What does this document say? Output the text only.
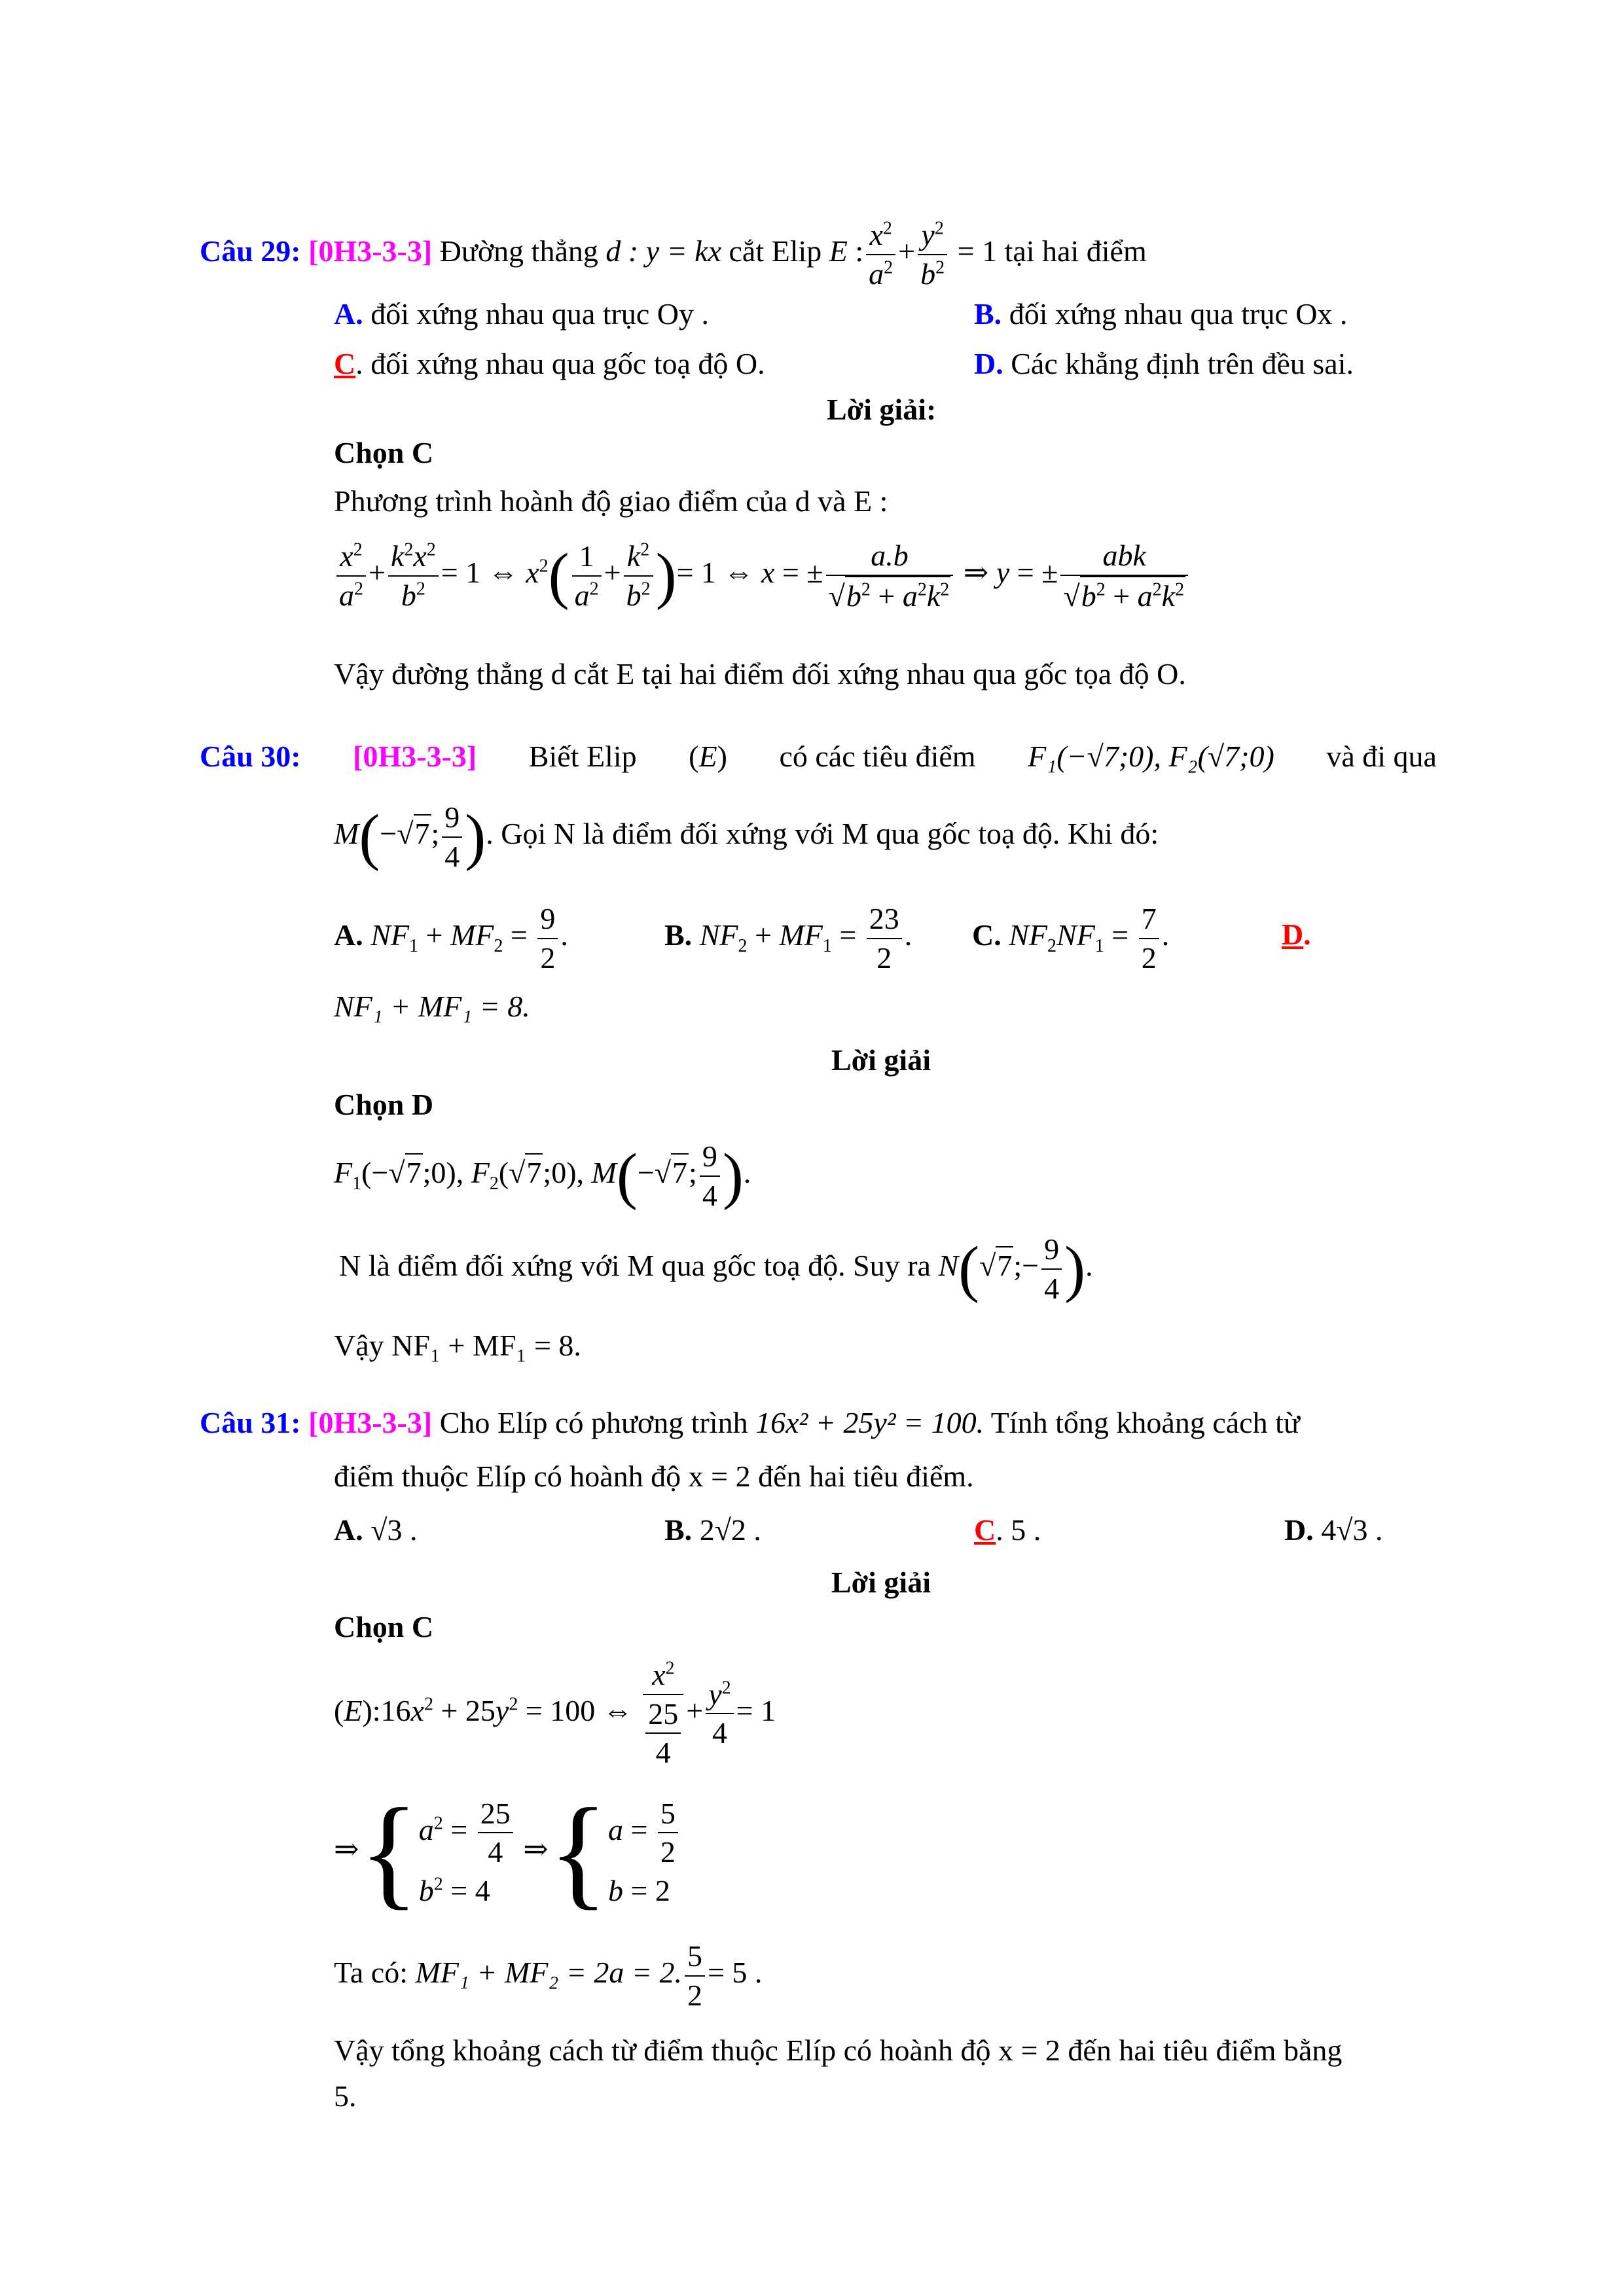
Câu 29: [0H3-3-3] Đường thẳng d : y = kx cắt Elip E : $\frac{x^2}{a^2} + \frac{y^2}{b^2} = 1$ tại hai điểm
A. đối xứng nhau qua trục Oy .	B. đối xứng nhau qua trục Ox .
C. đối xứng nhau qua gốc toạ độ O.	D. Các khẳng định trên đều sai.
Lời giải:
Chọn C
Phương trình hoành độ giao điểm của d và E :
$\frac{x^2}{a^2} + \frac{k^2x^2}{b^2} = 1$ ⇔ $x^2( \frac{1}{a^2} + \frac{k^2}{b^2}$ )= 1 ⇔ x = ± $\frac{a.b}{√b^2 + a^2k^2}$ ⇒ y = ± $\frac{\text{abk}}{√b^2 + a^2k^2}$
Vậy đường thẳng d cắt E tại hai điểm đối xứng nhau qua gốc tọa độ O.
Câu 30: [0H3-3-3] Biết Elip (E) có các tiêu điểm F₁(−√7;0), F₂(√7;0) và đi qua
M(−√7; $\frac{9}{4}$ ). Gọi N là điểm đối xứng với M qua gốc toạ độ. Khi đó:
A. $NF_1 + MF_2 = \frac{9}{2}$ .	B. $NF_2 + MF_1 = \frac{23}{2}$ . C. $NF_2NF_1 = \frac{7}{2}$ .	D.
NF₁ + MF₁ = 8.
Lời giải
Chọn D
$F_1(-√7;0)$, $F_2(√7;0)$, M(−√7; $\frac{9}{4}$ ).
N là điểm đối xứng với M qua gốc toạ độ. Suy ra N(√7;− $\frac{9}{4}$ ).
Vậy NF₁ + MF₁ = 8.
Câu 31: [0H3-3-3] Cho Elíp có phương trình 16x² + 25y² = 100. Tính tổng khoảng cách từ
điểm thuộc Elíp có hoành độ x = 2 đến hai tiêu điểm.
A. √3 .	B. 2√2 .	C. 5 .	D. 4√3 .
Lời giải
Chọn C
$(E):16x^2 + 25y^2 = 100$ ⇔ $\frac{x^2}{\frac{25}{4}} + \frac{y^2}{4} = 1$
⇒{ $a^2 = \frac{25}{4}$
$b^2 = 4$
⇒{ $a = \frac{5}{2}$
b = 2
Ta có: MF₁ + MF₂ = 2a = 2. $\frac{5}{2} = 5$ .
Vậy tổng khoảng cách từ điểm thuộc Elíp có hoành độ x = 2 đến hai tiêu điểm bằng
5.
